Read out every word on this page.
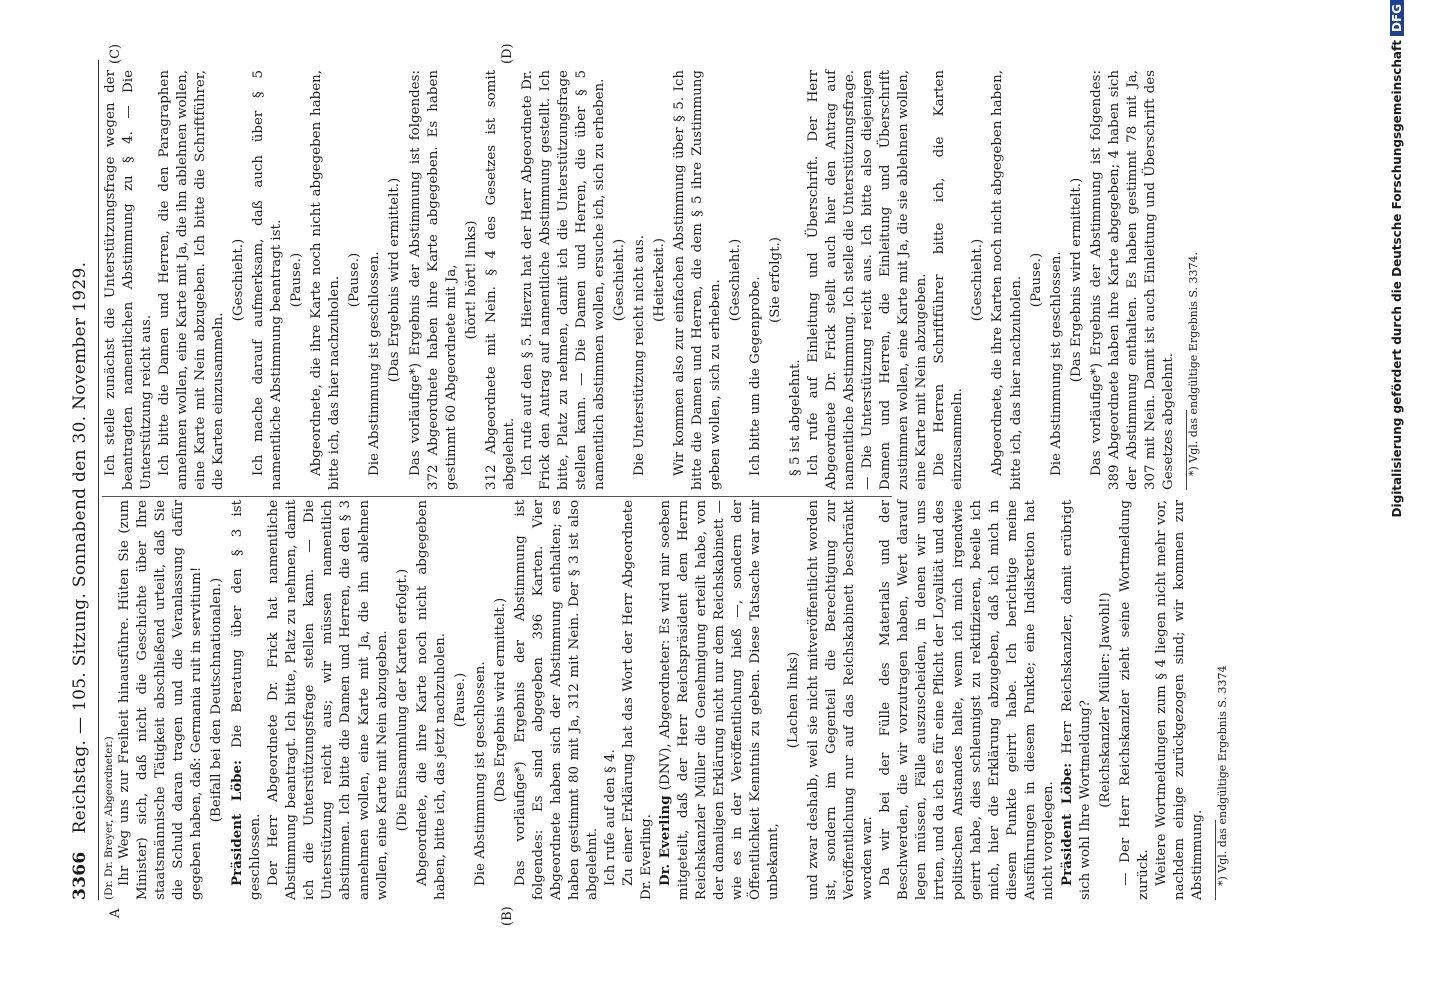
3366
Reichstag. — 105. Sitzung. Sonnabend den 30. November 1929.
A	(B)
(C)	(D)

(Dr. Dr. Breyer, Abgeordneter.) Ihr Weg uns zur Freiheit hinausführe. Hüten Sie (zum Minister) sich, daß nicht die Geschichte über Ihre staatsmännische Tätigkeit abschließend urteilt, daß Sie die Schuld daran tragen und die Veranlassung dafür gegeben haben, daß: Germania ruit in servitium! (Beifall bei den Deutschnationalen.)

Präsident Löbe: Die Beratung über den § 3 ist geschlossen. Der Herr Abgeordnete Dr. Frick hat namentliche Abstimmung beantragt. Ich bitte, Platz zu nehmen, damit ich die Unterstützungsfrage stellen kann. — Die Unterstützung reicht aus; wir müssen namentlich abstimmen. Ich bitte die Damen und Herren, die den § 3 annehmen wollen, eine Karte mit Ja, die ihn ablehnen wollen, eine Karte mit Nein abzugeben. (Die Einsammlung der Karten erfolgt.) Abgeordnete, die ihre Karte noch nicht abgegeben haben, bitte ich, das jetzt nachzuholen. (Pause.) Die Abstimmung ist geschlossen. (Das Ergebnis wird ermittelt.) Das vorläufige*) Ergebnis der Abstimmung ist folgendes: Es sind abgegeben 396 Karten. Vier Abgeordnete haben sich der Abstimmung enthalten; es haben gestimmt 80 mit Ja, 312 mit Nein. Der § 3 ist also abgelehnt. Ich rufe auf den § 4. Zu einer Erklärung hat das Wort der Herr Abgeordnete Dr. Everling. Dr. Everling (DNV), Abgeordneter: Es wird mir soeben mitgeteilt, daß der Herr Reichspräsident dem Herrn Reichskanzler Müller die Genehmigung erteilt habe, von der damaligen Erklärung nicht nur dem Reichskabinett — wie es in der Veröffentlichung hieß —, sondern der Öffentlichkeit Kenntnis zu geben. Diese Tatsache war mir unbekannt,

(Lachen links) und zwar deshalb, weil sie nicht mitveröffentlicht worden ist, sondern im Gegenteil die Berechtigung zur Veröffentlichung nur auf das Reichskabinett beschränkt worden war. Da wir bei der Fülle des Materials und der Beschwerden, die wir vorzutragen haben, Wert darauf legen müssen, Fälle auszuscheiden, in denen wir uns irrten, und da ich es für eine Pflicht der Loyalität und des politischen Anstandes halte, wenn ich mich irgendwie geirrt habe, dies schleunigst zu rektifizieren, beeile ich mich, hier die Erklärung abzugeben, daß ich mich in diesem Punkte geirrt habe. Ich berichtige meine Ausführungen in diesem Punkte; eine Indiskretion hat nicht vorgelegen. Präsident Löbe: Herr Reichskanzler, damit erübrigt sich wohl Ihre Wortmeldung? (Reichskanzler Müller: Jawohl!) — Der Herr Reichskanzler zieht seine Wortmeldung zurück. Weitere Wortmeldungen zum § 4 liegen nicht mehr vor, nachdem einige zurückgezogen sind; wir kommen zur Abstimmung. *) Vgl. das endgültige Ergebnis S. 3374

Ich stelle zunächst die Unterstützungsfrage wegen der beantragten namentlichen Abstimmung zu § 4. — Die Unterstützung reicht aus. Ich bitte die Damen und Herren, die den Paragraphen annehmen wollen, eine Karte mit Ja, die ihn ablehnen wollen, eine Karte mit Nein abzugeben. Ich bitte die Schriftführer, die Karten einzusammeln.

(Geschieht.) Ich mache darauf aufmerksam, daß auch über § 5 namentliche Abstimmung beantragt ist. (Pause.) Abgeordnete, die ihre Karte noch nicht abgegeben haben, bitte ich, das hier nachzuholen. (Pause.) Die Abstimmung ist geschlossen. (Das Ergebnis wird ermittelt.) Das vorläufige*) Ergebnis der Abstimmung ist folgendes: 372 Abgeordnete haben ihre Karte abgegeben. Es haben gestimmt 60 Abgeordnete mit Ja, (hört! hört! links) 312 Abgeordnete mit Nein. § 4 des Gesetzes ist somit abgelehnt. Ich rufe auf den § 5. Hierzu hat der Herr Abgeordnete Dr. Frick den Antrag auf namentliche Abstimmung gestellt. Ich bitte, Platz zu nehmen, damit ich die Unterstützungsfrage stellen kann. — Die Damen und Herren, die über § 5 namentlich abstimmen wollen, ersuche ich, sich zu erheben. (Geschieht.) Die Unterstützung reicht nicht aus. (Heiterkeit.) Wir kommen also zur einfachen Abstimmung über § 5. Ich bitte die Damen und Herren, die dem § 5 ihre Zustimmung geben wollen, sich zu erheben. (Geschieht.) Ich bitte um die Gegenprobe. (Sie erfolgt.)

§ 5 ist abgelehnt. Ich rufe auf Einleitung und Überschrift. Der Herr Abgeordnete Dr. Frick stellt auch hier den Antrag auf namentliche Abstimmung. Ich stelle die Unterstützungsfrage. — Die Unterstützung reicht aus. Ich bitte also diejenigen Damen und Herren, die Einleitung und Überschrift zustimmen wollen, eine Karte mit Ja, die sie ablehnen wollen, eine Karte mit Nein abzugeben. Die Herren Schriftführer bitte ich, die Karten einzusammeln.

(Geschieht.) Abgeordnete, die ihre Karten noch nicht abgegeben haben, bitte ich, das hier nachzuholen. (Pause.) Die Abstimmung ist geschlossen. (Das Ergebnis wird ermittelt.) Das vorläufige*) Ergebnis der Abstimmung ist folgendes: 389 Abgeordnete haben ihre Karte abgegeben; 4 haben sich der Abstimmung enthalten. Es haben gestimmt 78 mit Ja, 307 mit Nein. Damit ist auch Einleitung und Überschrift des Gesetzes abgelehnt. *) Vgl. das endgültige Ergebnis S. 3374.	Digitalisierung gefördert durch die Deutsche ForschungsgemeinschaftDFG
